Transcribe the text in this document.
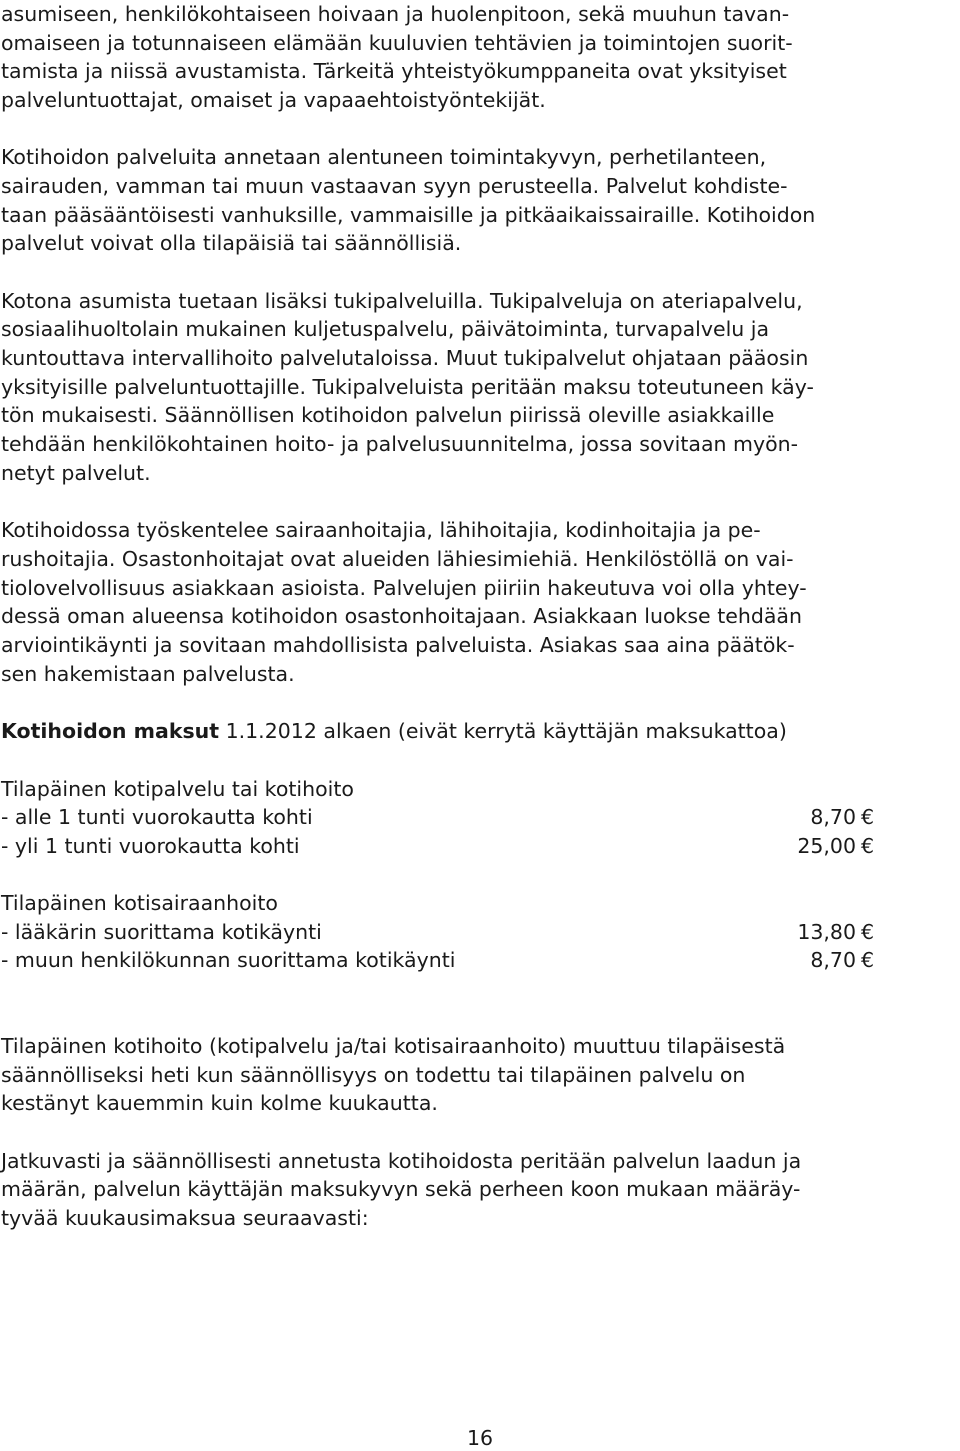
asumiseen, henkilökohtaiseen hoivaan ja huolenpitoon, sekä muuhun tavan-
omaiseen ja totunnaiseen elämään kuuluvien tehtävien ja toimintojen suorit-
tamista ja niissä avustamista. Tärkeitä yhteistyökumppaneita ovat yksityiset
palveluntuottajat, omaiset ja vapaaehtoistyöntekijät.
Kotihoidon palveluita annetaan alentuneen toimintakyvyn, perhetilanteen,
sairauden, vamman tai muun vastaavan syyn perusteella. Palvelut kohdiste-
taan pääsääntöisesti vanhuksille, vammaisille ja pitkäaikaissairaille. Kotihoidon
palvelut voivat olla tilapäisiä tai säännöllisiä.
Kotona asumista tuetaan lisäksi tukipalveluilla. Tukipalveluja on ateriapalvelu,
sosiaalihuoltolain mukainen kuljetuspalvelu, päivätoiminta, turvapalvelu ja
kuntouttava intervallihoito palvelutaloissa. Muut tukipalvelut ohjataan pääosin
yksityisille palveluntuottajille. Tukipalveluista peritään maksu toteutuneen käy-
tön mukaisesti. Säännöllisen kotihoidon palvelun piirissä oleville asiakkaille
tehdään henkilökohtainen hoito- ja palvelusuunnitelma, jossa sovitaan myön-
netyt palvelut.
Kotihoidossa työskentelee sairaanhoitajia, lähihoitajia, kodinhoitajia ja pe-
rushoitajia. Osastonhoitajat ovat alueiden lähiesimiehiä. Henkilöstöllä on vai-
tiolovelvollisuus asiakkaan asioista. Palvelujen piiriin hakeutuva voi olla yhtey-
dessä oman alueensa kotihoidon osastonhoitajaan. Asiakkaan luokse tehdään
arviointikäynti ja sovitaan mahdollisista palveluista. Asiakas saa aina päätök-
sen hakemistaan palvelusta.
Kotihoidon maksut 1.1.2012 alkaen (eivät kerrytä käyttäjän maksukattoa)
Tilapäinen kotipalvelu tai kotihoito
- alle 1 tunti vuorokautta kohti	8,70 €
- yli 1 tunti vuorokautta kohti	25,00 €
Tilapäinen kotisairaanhoito
- lääkärin suorittama kotikäynti	13,80 €
- muun henkilökunnan suorittama kotikäynti	8,70 €
Tilapäinen kotihoito (kotipalvelu ja/tai kotisairaanhoito) muuttuu tilapäisestä
säännölliseksi heti kun säännöllisyys on todettu tai tilapäinen palvelu on
kestänyt kauemmin kuin kolme kuukautta.
Jatkuvasti ja säännöllisesti annetusta kotihoidosta peritään palvelun laadun ja
määrän, palvelun käyttäjän maksukyvyn sekä perheen koon mukaan määräy-
tyvää kuukausimaksua seuraavasti:
16
